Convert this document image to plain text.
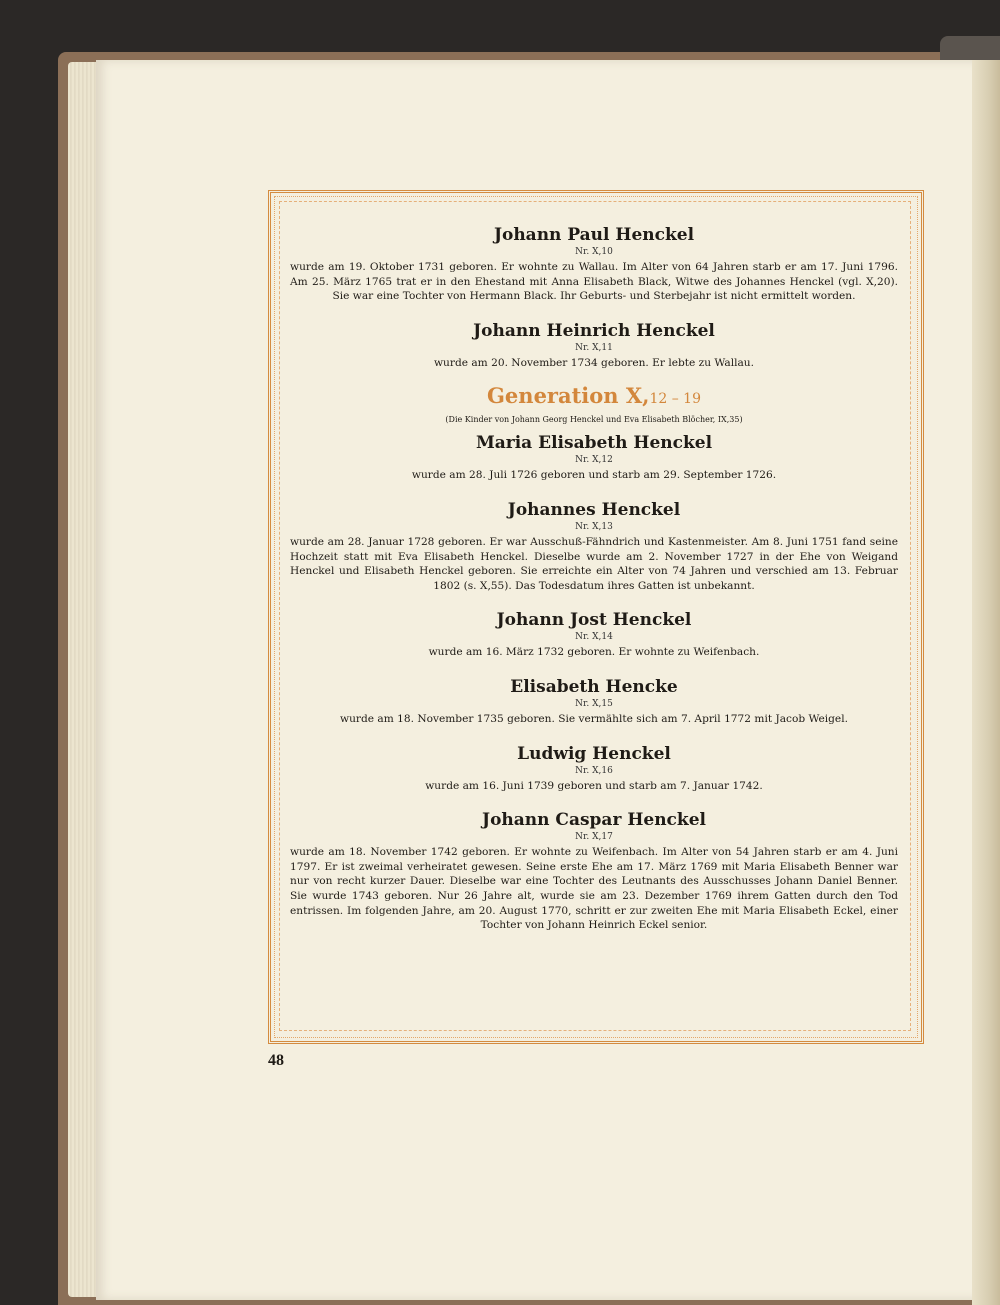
Johann Paul Henckel

Nr. X,10

wurde am 19. Oktober 1731 geboren. Er wohnte zu Wallau. Im Alter von 64 Jahren starb er am 17. Juni 1796. Am 25. März 1765 trat er in den Ehestand mit Anna Elisabeth Black, Witwe des Johannes Henckel (vgl. X,20). Sie war eine Tochter von Hermann Black. Ihr Geburts- und Sterbejahr ist nicht ermittelt worden.

Johann Heinrich Henckel

Nr. X,11

wurde am 20. November 1734 geboren. Er lebte zu Wallau.

Generation X,12 – 19

(Die Kinder von Johann Georg Henckel und Eva Elisabeth Blöcher, IX,35)

Maria Elisabeth Henckel

Nr. X,12

wurde am 28. Juli 1726 geboren und starb am 29. September 1726.

Johannes Henckel

Nr. X,13

wurde am 28. Januar 1728 geboren. Er war Ausschuß-Fähndrich und Kastenmeister. Am 8. Juni 1751 fand seine Hochzeit statt mit Eva Elisabeth Henckel. Dieselbe wurde am 2. November 1727 in der Ehe von Weigand Henckel und Elisabeth Henckel geboren. Sie erreichte ein Alter von 74 Jahren und verschied am 13. Februar 1802 (s. X,55). Das Todesdatum ihres Gatten ist unbekannt.

Johann Jost Henckel

Nr. X,14

wurde am 16. März 1732 geboren. Er wohnte zu Weifenbach.

Elisabeth Hencke

Nr. X,15

wurde am 18. November 1735 geboren. Sie vermählte sich am 7. April 1772 mit Jacob Weigel.

Ludwig Henckel

Nr. X,16

wurde am 16. Juni 1739 geboren und starb am 7. Januar 1742.

Johann Caspar Henckel

Nr. X,17

wurde am 18. November 1742 geboren. Er wohnte zu Weifenbach. Im Alter von 54 Jahren starb er am 4. Juni 1797. Er ist zweimal verheiratet gewesen. Seine erste Ehe am 17. März 1769 mit Maria Elisabeth Benner war nur von recht kurzer Dauer. Dieselbe war eine Tochter des Leutnants des Ausschusses Johann Daniel Benner. Sie wurde 1743 geboren. Nur 26 Jahre alt, wurde sie am 23. Dezember 1769 ihrem Gatten durch den Tod entrissen. Im folgenden Jahre, am 20. August 1770, schritt er zur zweiten Ehe mit Maria Elisabeth Eckel, einer Tochter von Johann Heinrich Eckel senior.

48
